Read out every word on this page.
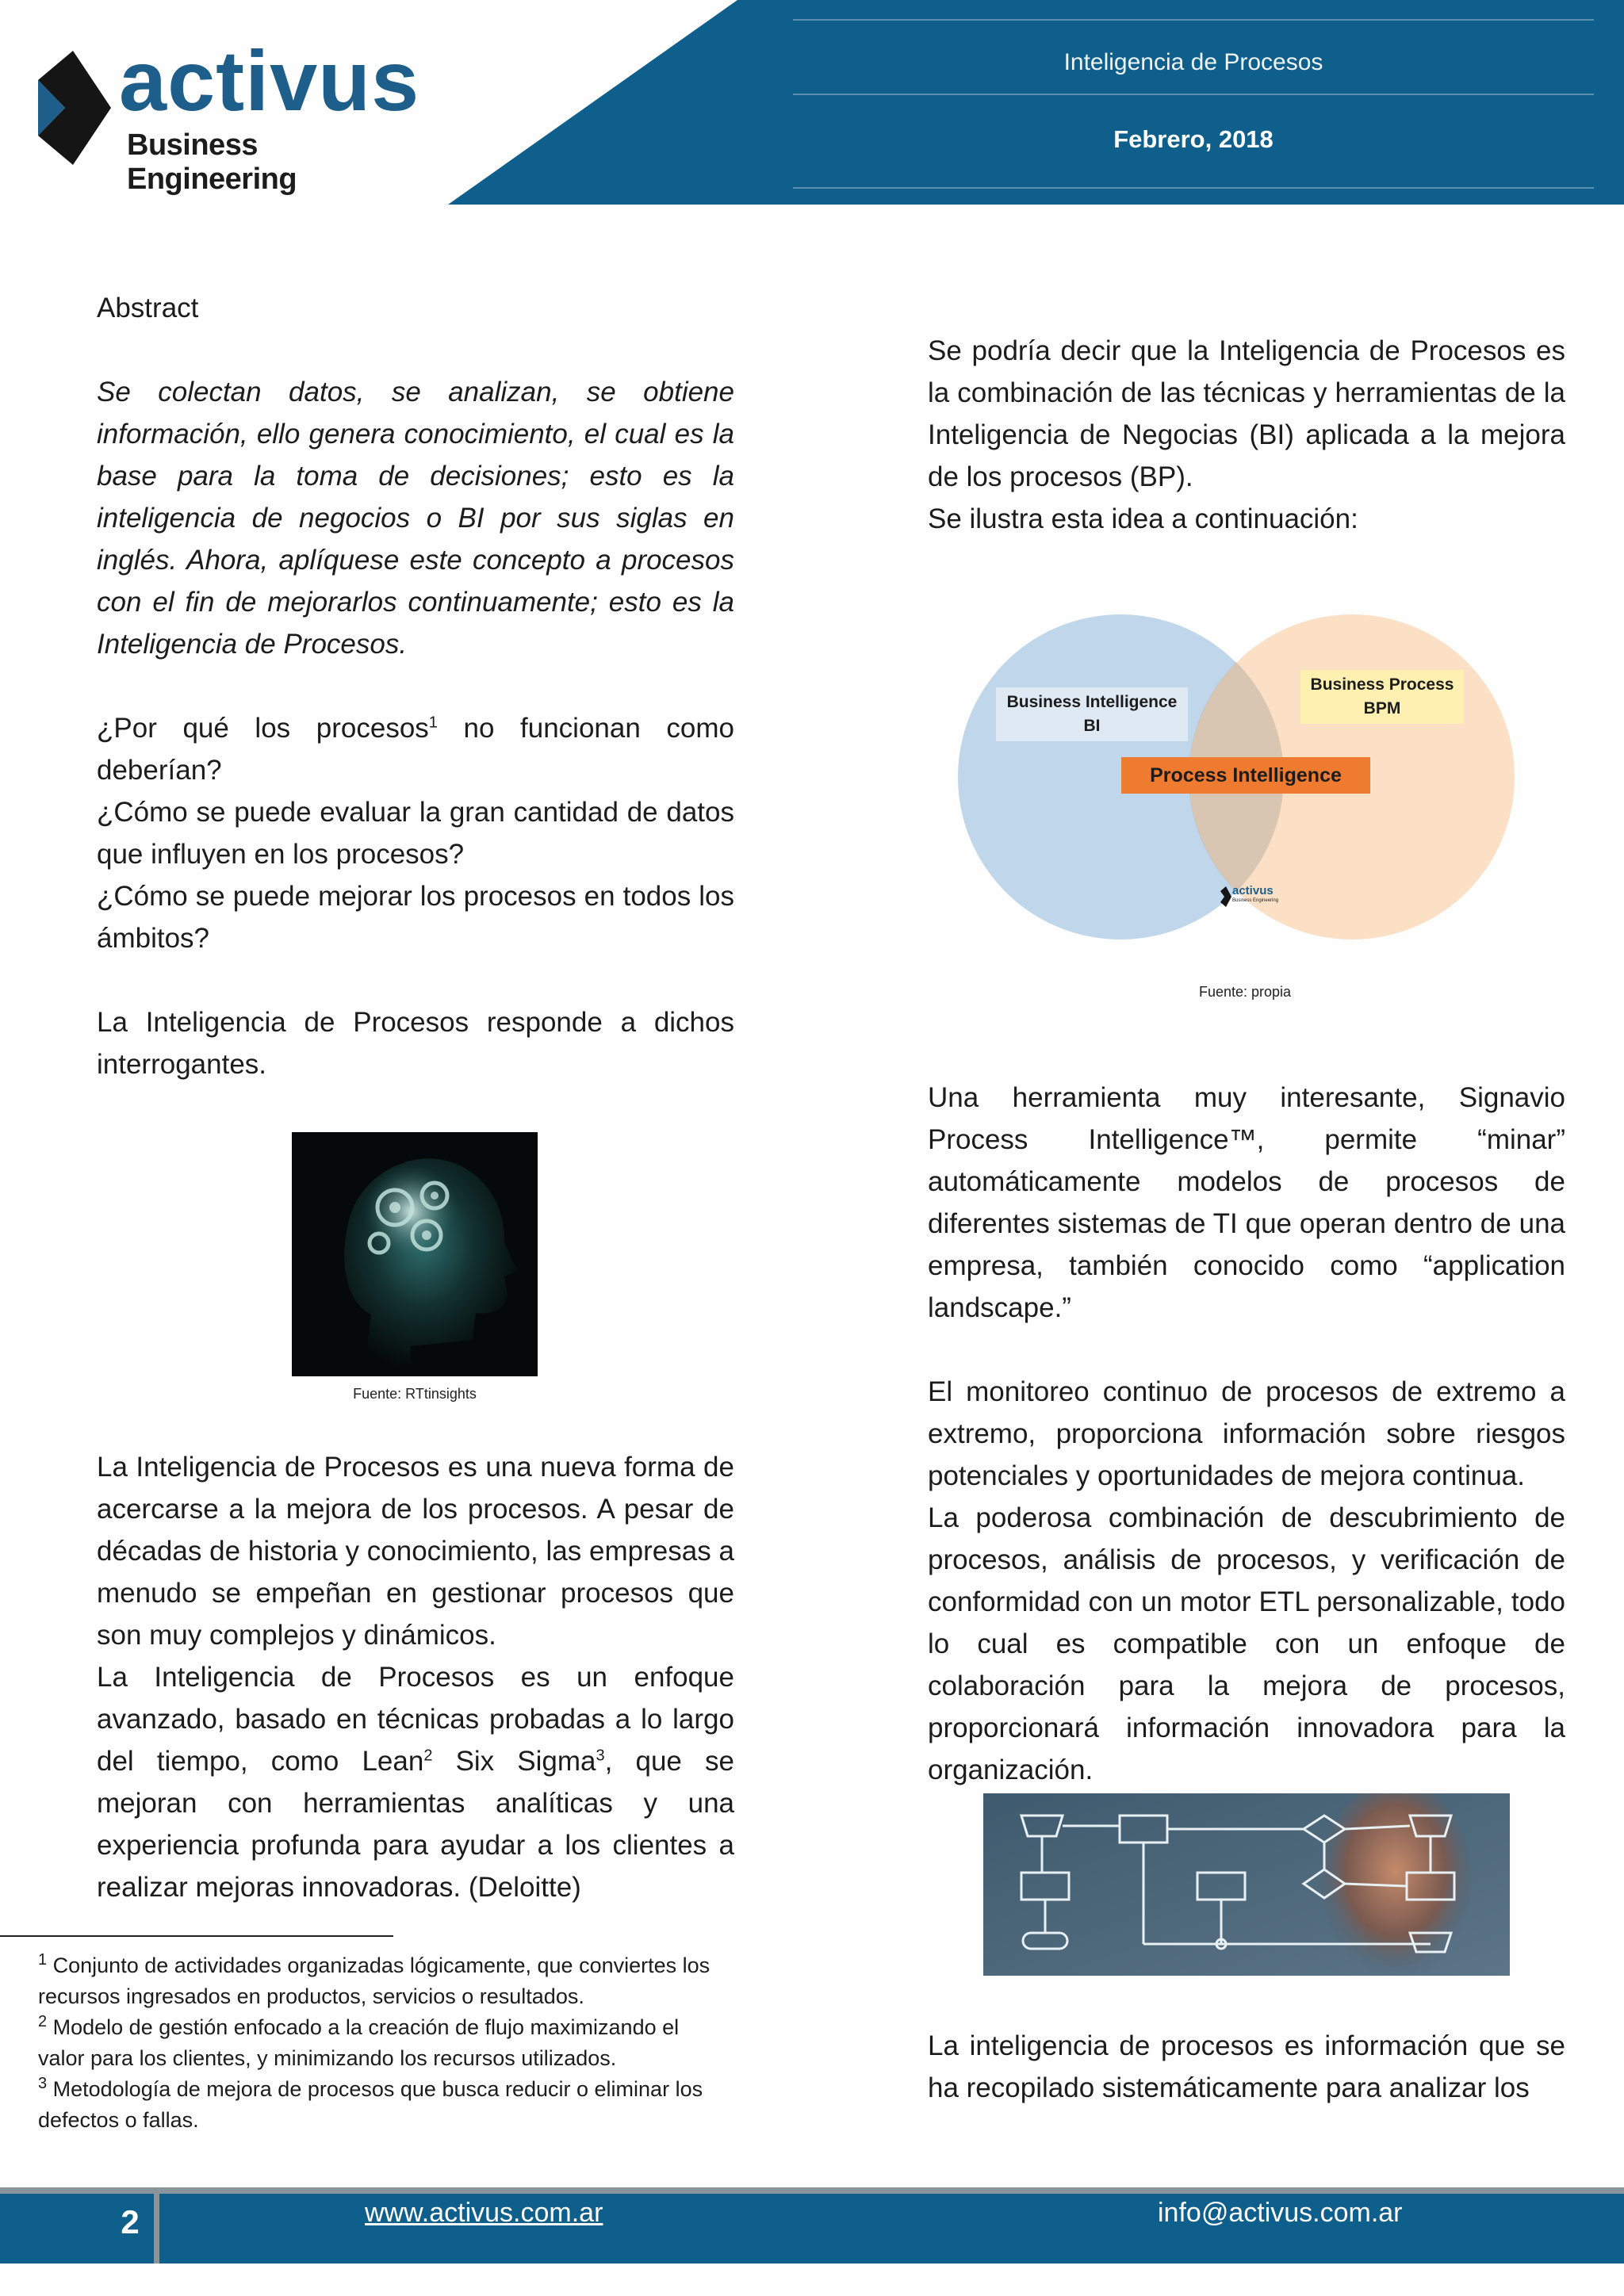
Inteligencia de Procesos
Febrero, 2018
activus
Business Engineering

Abstract

Se colectan datos, se analizan, se obtiene información, ello genera conocimiento, el cual es la base para la toma de decisiones; esto es la inteligencia de negocios o BI por sus siglas en inglés. Ahora, aplíquese este concepto a procesos con el fin de mejorarlos continuamente; esto es la Inteligencia de Procesos.

¿Por qué los procesos$^1$ no funcionan como deberían?

¿Cómo se puede evaluar la gran cantidad de datos que influyen en los procesos?

¿Cómo se puede mejorar los procesos en todos los ámbitos?

La Inteligencia de Procesos responde a dichos interrogantes.

Fuente: RTtinsights

La Inteligencia de Procesos es una nueva forma de acercarse a la mejora de los procesos. A pesar de décadas de historia y conocimiento, las empresas a menudo se empeñan en gestionar procesos que son muy complejos y dinámicos.

La Inteligencia de Procesos es un enfoque avanzado, basado en técnicas probadas a lo largo del tiempo, como Lean$^2$ Six Sigma$^3$, que se mejoran con herramientas analíticas y una experiencia profunda para ayudar a los clientes a realizar mejoras innovadoras. (Deloitte)

Se podría decir que la Inteligencia de Procesos es la combinación de las técnicas y herramientas de la Inteligencia de Negocias (BI) aplicada a la mejora de los procesos (BP).

Se ilustra esta idea a continuación:

Business Intelligence
BI
Business Process
BPM
Process Intelligence
activus
Business Engineering
Fuente: propia

Una herramienta muy interesante, Signavio Process Intelligence™, permite “minar” automáticamente modelos de procesos de diferentes sistemas de TI que operan dentro de una empresa, también conocido como “application landscape.”

El monitoreo continuo de procesos de extremo a extremo, proporciona información sobre riesgos potenciales y oportunidades de mejora continua.

La poderosa combinación de descubrimiento de procesos, análisis de procesos, y verificación de conformidad con un motor ETL personalizable, todo lo cual es compatible con un enfoque de colaboración para la mejora de procesos, proporcionará información innovadora para la organización.

La inteligencia de procesos es información que se ha recopilado sistemáticamente para analizar los

$^1$ Conjunto de actividades organizadas lógicamente, que conviertes los recursos ingresados en productos, servicios o resultados.

$^2$ Modelo de gestión enfocado a la creación de flujo maximizando el valor para los clientes, y minimizando los recursos utilizados.

$^3$ Metodología de mejora de procesos que busca reducir o eliminar los defectos o fallas.

2	www.activus.com.ar	info@activus.com.ar
